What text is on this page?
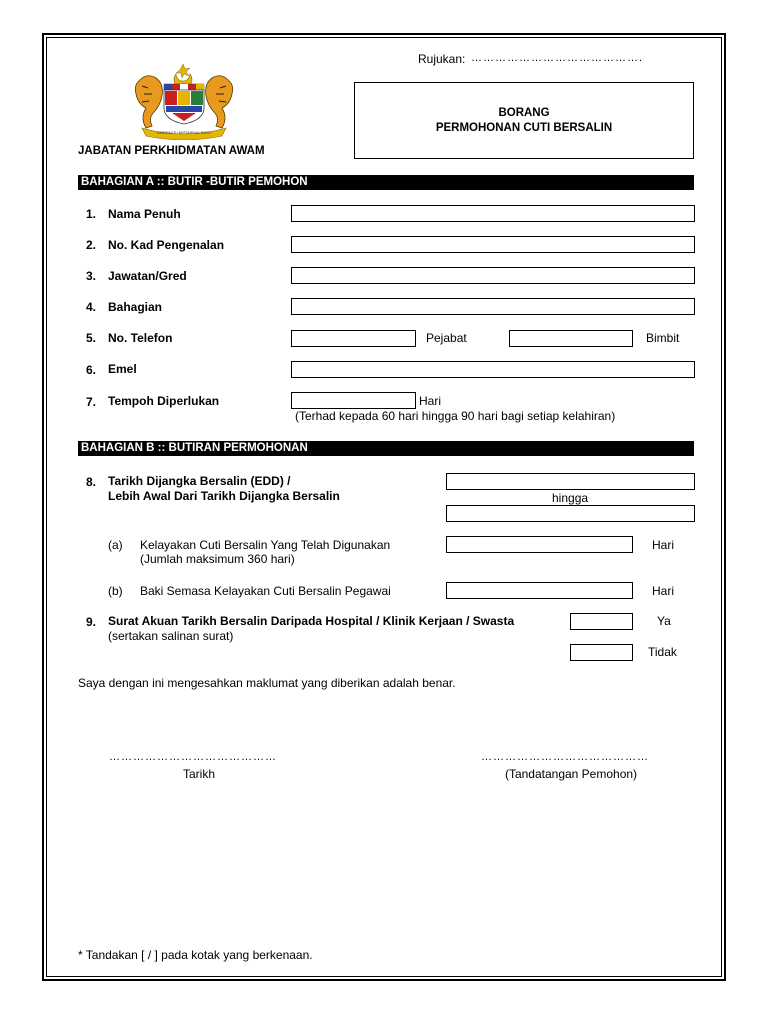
Rujukan: …………………………………….
BERSEKUTU BERTAMBAH MUTU
BORANG
PERMOHONAN CUTI BERSALIN
JABATAN PERKHIDMATAN AWAM
BAHAGIAN A :: BUTIR -BUTIR PEMOHON
1. Nama Penuh
2. No. Kad Pengenalan
3. Jawatan/Gred
4. Bahagian
5. No. Telefon	Pejabat	Bimbit
6. Emel
7. Tempoh Diperlukan	Hari
(Terhad kepada 60 hari hingga 90 hari bagi setiap kelahiran)
BAHAGIAN B :: BUTIRAN PERMOHONAN
8. Tarikh Dijangka Bersalin (EDD) /
Lebih Awal Dari Tarikh Dijangka Bersalin	hingga
(a) Kelayakan Cuti Bersalin Yang Telah Digunakan
(Jumlah maksimum 360 hari)
Hari
(b) Baki Semasa Kelayakan Cuti Bersalin Pegawai	Hari
9. Surat Akuan Tarikh Bersalin Daripada Hospital / Klinik Kerjaan / Swasta
(sertakan salinan surat)
Ya
Tidak
Saya dengan ini mengesahkan maklumat yang diberikan adalah benar.
……………………………………
Tarikh
……………………………………
(Tandatangan Pemohon)
* Tandakan [ / ] pada kotak yang berkenaan.
